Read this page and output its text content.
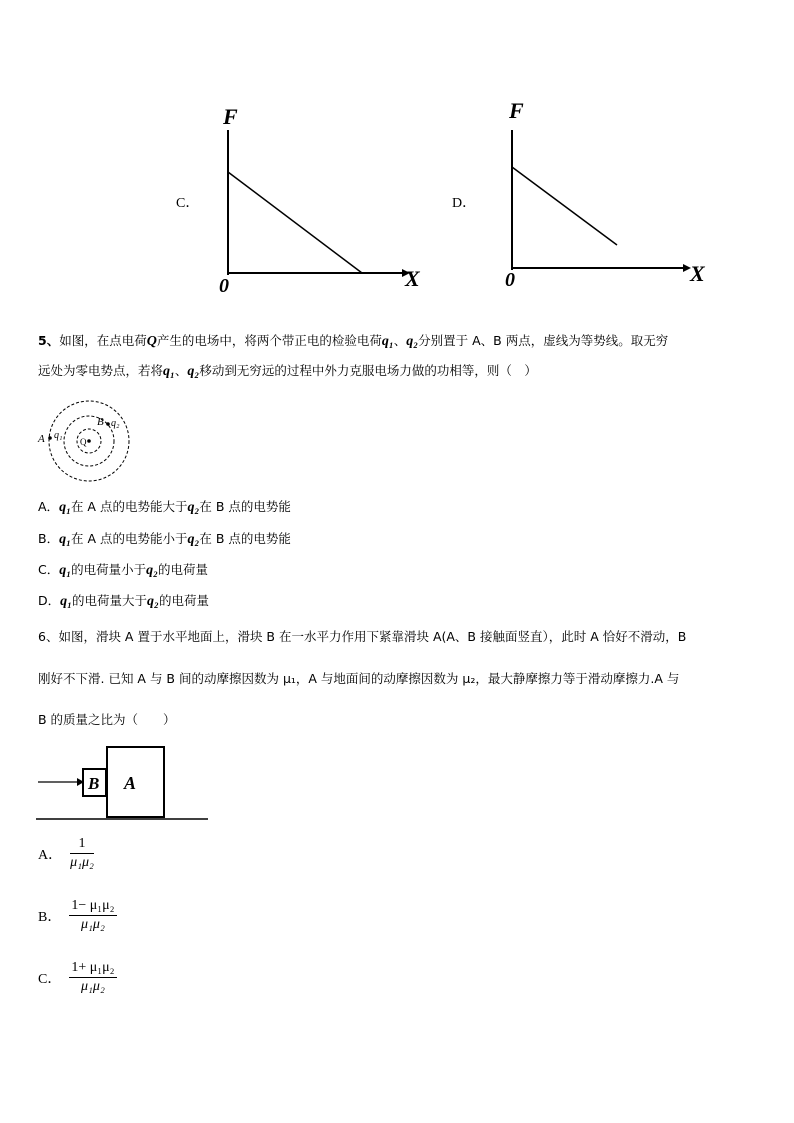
C．
F
X
0
D．
F
X
0
5、如图，在点电荷Q产生的电场中，将两个带正电的检验电荷q₁、q₂分别置于 A、B 两点，虚线为等势线。取无穷
远处为零电势点，若将q₁、q₂移动到无穷远的过程中外力克服电场力做的功相等，则（　）
A q₁
B q₂
Q
A．q₁在 A 点的电势能大于q₂在 B 点的电势能
B．q₁在 A 点的电势能小于q₂在 B 点的电势能
C．q₁的电荷量小于q₂的电荷量
D．q₁的电荷量大于q₂的电荷量
6、如图，滑块 A 置于水平地面上，滑块 B 在一水平力作用下紧靠滑块 A(A、B 接触面竖直），此时 A 恰好不滑动，B
刚好不下滑. 已知 A 与 B 间的动摩擦因数为 μ₁，A 与地面间的动摩擦因数为 μ₂，最大静摩擦力等于滑动摩擦力.A 与
B 的质量之比为（　　）
B A
A． $\frac{1}{\text{μ₁μ₂}}$
B． $\frac{\text{1− μ₁μ₂}}{\text{μ₁μ₂}}$
C． $\frac{\text{1+ μ₁μ₂}}{\text{μ₁μ₂}}$
